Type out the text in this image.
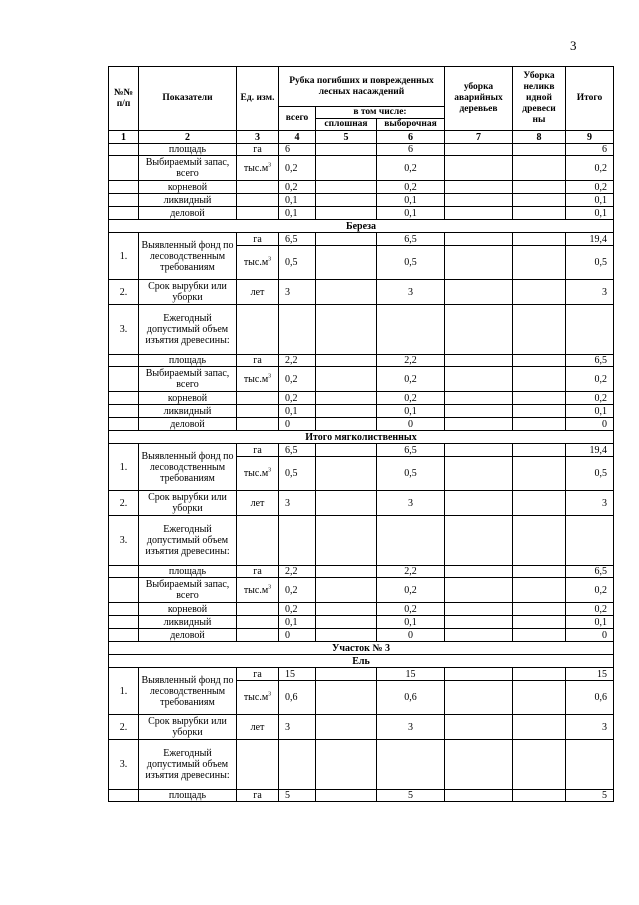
3
№№ п/п	Показатели	Ед. изм.	Рубка погибших и поврежденных лесных насаждений			уборка аварийных деревьев	Уборка неликв идной древеси ны	Итого
			всего	в том числе:				
				сплошная	выборочная			
1	2	3	4	5	6	7	8	9
	площадь	га	6		6			6
	Выбираемый запас, всего	$тыс.м^3$	0,2		0,2			0,2
	корневой		0,2		0,2			0,2
	ликвидный		0,1		0,1			0,1
	деловой		0,1		0,1			0,1
Береза								
1.	Выявленный фонд по лесоводственным требованиям	га	6,5		6,5			19,4
		$тыс.м^3$	0,5		0,5			0,5
2.	Срок вырубки или уборки	лет	3		3			3
3.	Ежегодный допустимый объем изъятия древесины:							
	площадь	га	2,2		2,2			6,5
	Выбираемый запас, всего	$тыс.м^3$	0,2		0,2			0,2
	корневой		0,2		0,2			0,2
	ликвидный		0,1		0,1			0,1
	деловой		0		0			0
Итого мягколиственных								
1.	Выявленный фонд по лесоводственным требованиям	га	6,5		6,5			19,4
		$тыс.м^3$	0,5		0,5			0,5
2.	Срок вырубки или уборки	лет	3		3			3
3.	Ежегодный допустимый объем изъятия древесины:							
	площадь	га	2,2		2,2			6,5
	Выбираемый запас, всего	$тыс.м^3$	0,2		0,2			0,2
	корневой		0,2		0,2			0,2
	ликвидный		0,1		0,1			0,1
	деловой		0		0			0
Участок № 3								
Ель								
1.	Выявленный фонд по лесоводственным требованиям	га	15		15			15
		$тыс.м^3$	0,6		0,6			0,6
2.	Срок вырубки или уборки	лет	3		3			3
3.	Ежегодный допустимый объем изъятия древесины:							
	площадь	га	5		5			5
